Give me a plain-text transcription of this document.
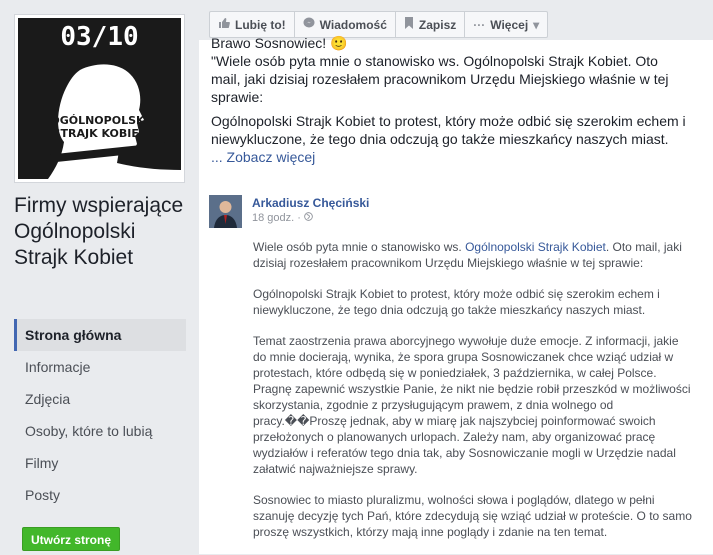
03/10
OGÓLNOPOLSKI
STRAJK KOBIET
Firmy wspierające Ogólnopolski Strajk Kobiet
Strona główna
Informacje
Zdjęcia
Osoby, które to lubią
Filmy
Posty
Utwórz stronę
Lubię to!	Wiadomość	Zapisz ··· Więcej ▾

Brawo Sosnowiec! 🙂

"Wiele osób pyta mnie o stanowisko ws. Ogólnopolski Strajk Kobiet. Oto mail, jaki dzisiaj rozesłałem pracownikom Urzędu Miejskiego właśnie w tej sprawie:

Ogólnopolski Strajk Kobiet to protest, który może odbić się szerokim echem i niewykluczone, że tego dnia odczują go także mieszkańcy naszych miast.

... Zobacz więcej

Arkadiusz Chęciński
18 godz. ·

Wiele osób pyta mnie o stanowisko ws. Ogólnopolski Strajk Kobiet. Oto mail, jaki dzisiaj rozesłałem pracownikom Urzędu Miejskiego właśnie w tej sprawie:

Ogólnopolski Strajk Kobiet to protest, który może odbić się szerokim echem i niewykluczone, że tego dnia odczują go także mieszkańcy naszych miast.

Temat zaostrzenia prawa aborcyjnego wywołuje duże emocje. Z informacji, jakie do mnie docierają, wynika, że spora grupa Sosnowiczanek chce wziąć udział w protestach, które odbędą się w poniedziałek, 3 października, w całej Polsce. Pragnę zapewnić wszystkie Panie, że nikt nie będzie robił przeszkód w możliwości skorzystania, zgodnie z przysługującym prawem, z dnia wolnego od pracy.��Proszę jednak, aby w miarę jak najszybciej poinformować swoich przełożonych o planowanych urlopach. Zależy nam, aby organizować pracę wydziałów i referatów tego dnia tak, aby Sosnowiczanie mogli w Urzędzie nadal załatwić najważniejsze sprawy.

Sosnowiec to miasto pluralizmu, wolności słowa i poglądów, dlatego w pełni szanuję decyzję tych Pań, które zdecydują się wziąć udział w proteście. O to samo proszę wszystkich, którzy mają inne poglądy i zdanie na ten temat.
